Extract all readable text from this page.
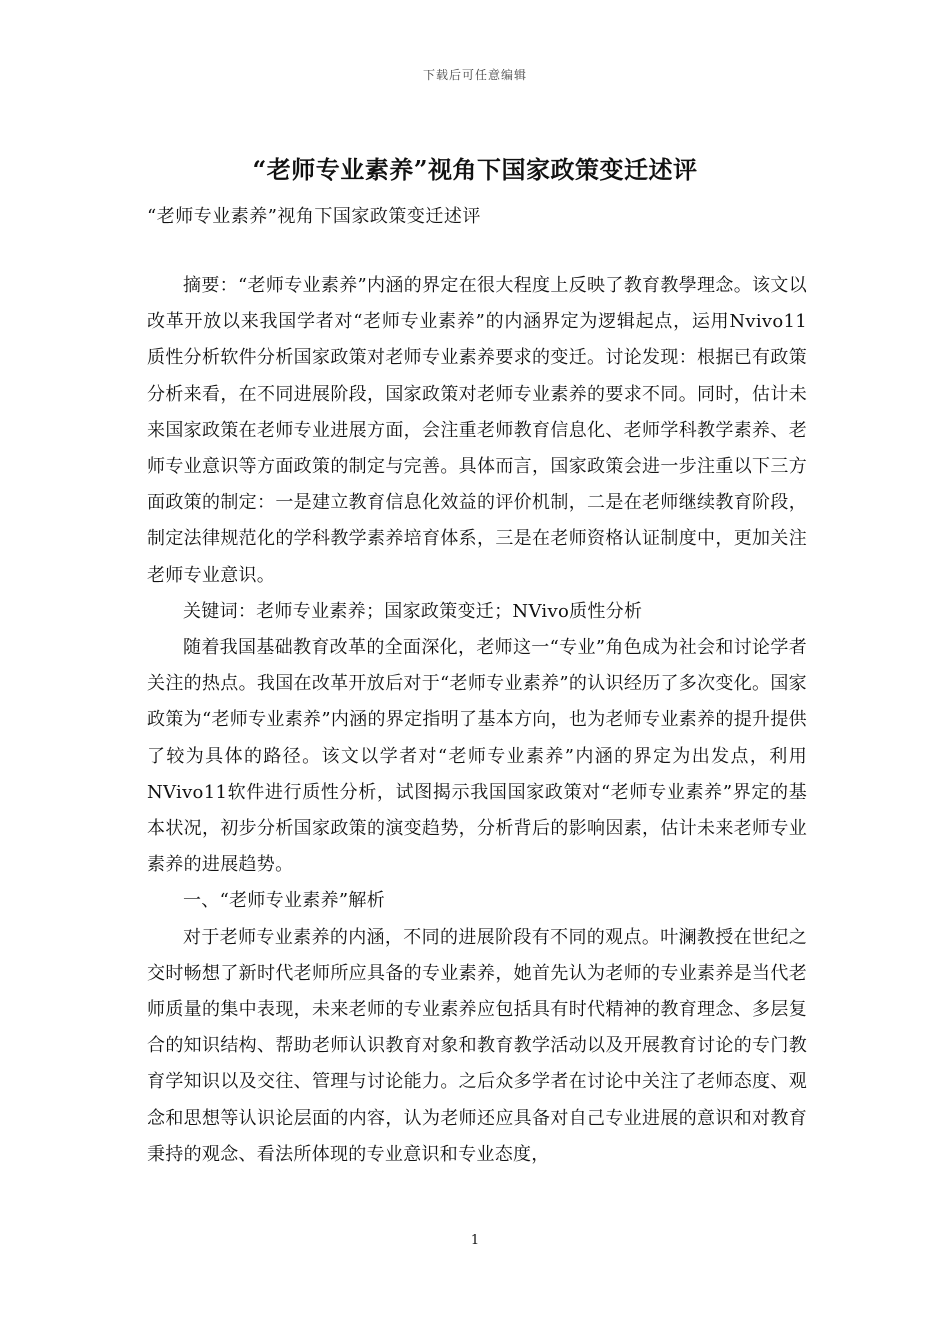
下载后可任意编辑
“老师专业素养”视角下国家政策变迁述评
“老师专业素养”视角下国家政策变迁述评

摘要：“老师专业素养”内涵的界定在很大程度上反映了教育教學理念。该文以改革开放以来我国学者对“老师专业素养”的内涵界定为逻辑起点，运用Nvivo11质性分析软件分析国家政策对老师专业素养要求的变迁。讨论发现：根据已有政策分析来看，在不同进展阶段，国家政策对老师专业素养的要求不同。同时，估计未来国家政策在老师专业进展方面，会注重老师教育信息化、老师学科教学素养、老师专业意识等方面政策的制定与完善。具体而言，国家政策会进一步注重以下三方面政策的制定：一是建立教育信息化效益的评价机制，二是在老师继续教育阶段，制定法律规范化的学科教学素养培育体系，三是在老师资格认证制度中，更加关注老师专业意识。

关键词：老师专业素养；国家政策变迁；NVivo质性分析

随着我国基础教育改革的全面深化，老师这一“专业”角色成为社会和讨论学者关注的热点。我国在改革开放后对于“老师专业素养”的认识经历了多次变化。国家政策为“老师专业素养”内涵的界定指明了基本方向，也为老师专业素养的提升提供了较为具体的路径。该文以学者对“老师专业素养”内涵的界定为出发点，利用NVivo11软件进行质性分析，试图揭示我国国家政策对“老师专业素养”界定的基本状况，初步分析国家政策的演变趋势，分析背后的影响因素，估计未来老师专业素养的进展趋势。

一、“老师专业素养”解析

对于老师专业素养的内涵，不同的进展阶段有不同的观点。叶澜教授在世纪之交时畅想了新时代老师所应具备的专业素养，她首先认为老师的专业素养是当代老师质量的集中表现，未来老师的专业素养应包括具有时代精神的教育理念、多层复合的知识结构、帮助老师认识教育对象和教育教学活动以及开展教育讨论的专门教育学知识以及交往、管理与讨论能力。之后众多学者在讨论中关注了老师态度、观念和思想等认识论层面的内容，认为老师还应具备对自己专业进展的意识和对教育秉持的观念、看法所体现的专业意识和专业态度，

1
